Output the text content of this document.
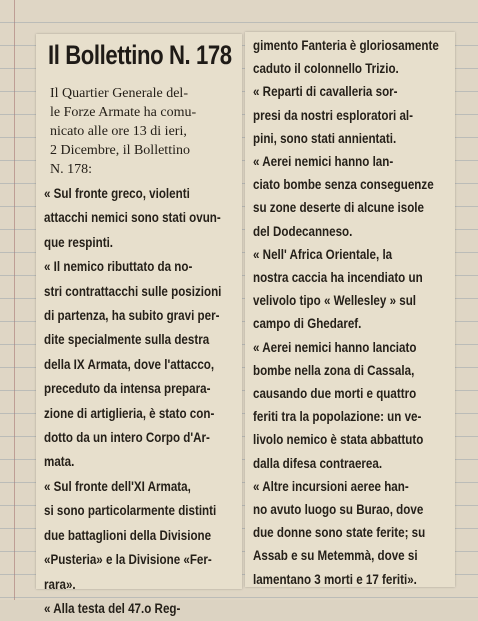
Il Bollettino N. 178
Il Quartier Generale del-
le Forze Armate ha comu-
nicato alle ore 13 di ieri,
2 Dicembre, il Bollettino
N. 178:
« Sul fronte greco, violenti
attacchi nemici sono stati ovun-
que respinti.
« Il nemico ributtato da no-
stri contrattacchi sulle posizioni
di partenza, ha subito gravi per-
dite specialmente sulla destra
della IX Armata, dove l'attacco,
preceduto da intensa prepara-
zione di artiglieria, è stato con-
dotto da un intero Corpo d'Ar-
mata.
« Sul fronte dell'XI Armata,
si sono particolarmente distinti
due battaglioni della Divisione
«Pusteria» e la Divisione «Fer-
rara».
« Alla testa del 47.o Reg-
gimento Fanteria è gloriosamente
caduto il colonnello Trizio.
« Reparti di cavalleria sor-
presi da nostri esploratori al-
pini, sono stati annientati.
« Aerei nemici hanno lan-
ciato bombe senza conseguenze
su zone deserte di alcune isole
del Dodecanneso.
« Nell' Africa Orientale, la
nostra caccia ha incendiato un
velivolo tipo « Wellesley » sul
campo di Ghedaref.
« Aerei nemici hanno lanciato
bombe nella zona di Cassala,
causando due morti e quattro
feriti tra la popolazione: un ve-
livolo nemico è stata abbattuto
dalla difesa contraerea.
« Altre incursioni aeree han-
no avuto luogo su Burao, dove
due donne sono state ferite; su
Assab e su Metemmà, dove si
lamentano 3 morti e 17 feriti».
